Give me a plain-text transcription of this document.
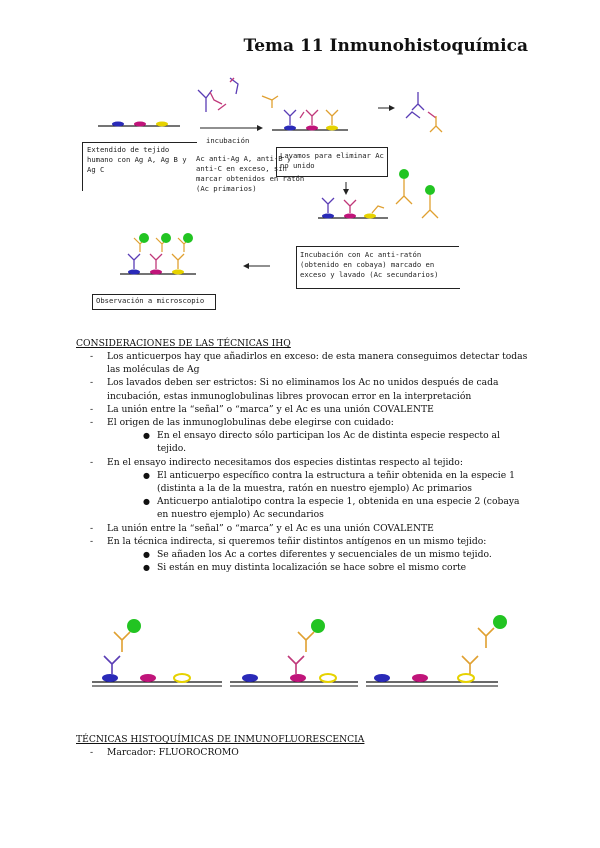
Tema 11 Inmunohistoquímica
Extendido de tejido humano con Ag A, Ag B y Ag C
incubación
Ac anti-Ag A, anti-B y anti-C en exceso, sin marcar obtenidos en ratón (Ac primarios)
Lavamos para eliminar Ac no unido
Incubación con Ac anti-ratón (obtenido en cobaya) marcado en exceso y lavado (Ac secundarios)
Observación a microscopio
CONSIDERACIONES DE LAS TÉCNICAS IHQ
- Los anticuerpos hay que añadirlos en exceso: de esta manera conseguimos detectar todas las moléculas de Ag
- Los lavados deben ser estrictos: Si no eliminamos los Ac no unidos después de cada incubación, estas inmunoglobulinas libres provocan error en la interpretación
- La unión entre la “señal” o “marca” y el Ac es una unión COVALENTE
- El origen de las inmunoglobulinas debe elegirse con cuidado:
● En el ensayo directo sólo participan los Ac de distinta especie respecto al tejido.
- En el ensayo indirecto necesitamos dos especies distintas respecto al tejido:
● El anticuerpo específico contra la estructura a teñir obtenida en la especie 1 (distinta a la de la muestra, ratón en nuestro ejemplo) Ac primarios
● Anticuerpo antialotipo contra la especie 1, obtenida en una especie 2 (cobaya en nuestro ejemplo) Ac secundarios
- La unión entre la “señal” o “marca” y el Ac es una unión COVALENTE
- En la técnica indirecta, si queremos teñir distintos antígenos en un mismo tejido:
● Se añaden los Ac a cortes diferentes y secuenciales de un mismo tejido.
● Si están en muy distinta localización se hace sobre el mismo corte
TÉCNICAS HISTOQUÍMICAS DE INMUNOFLUORESCENCIA
- Marcador: FLUOROCROMO
